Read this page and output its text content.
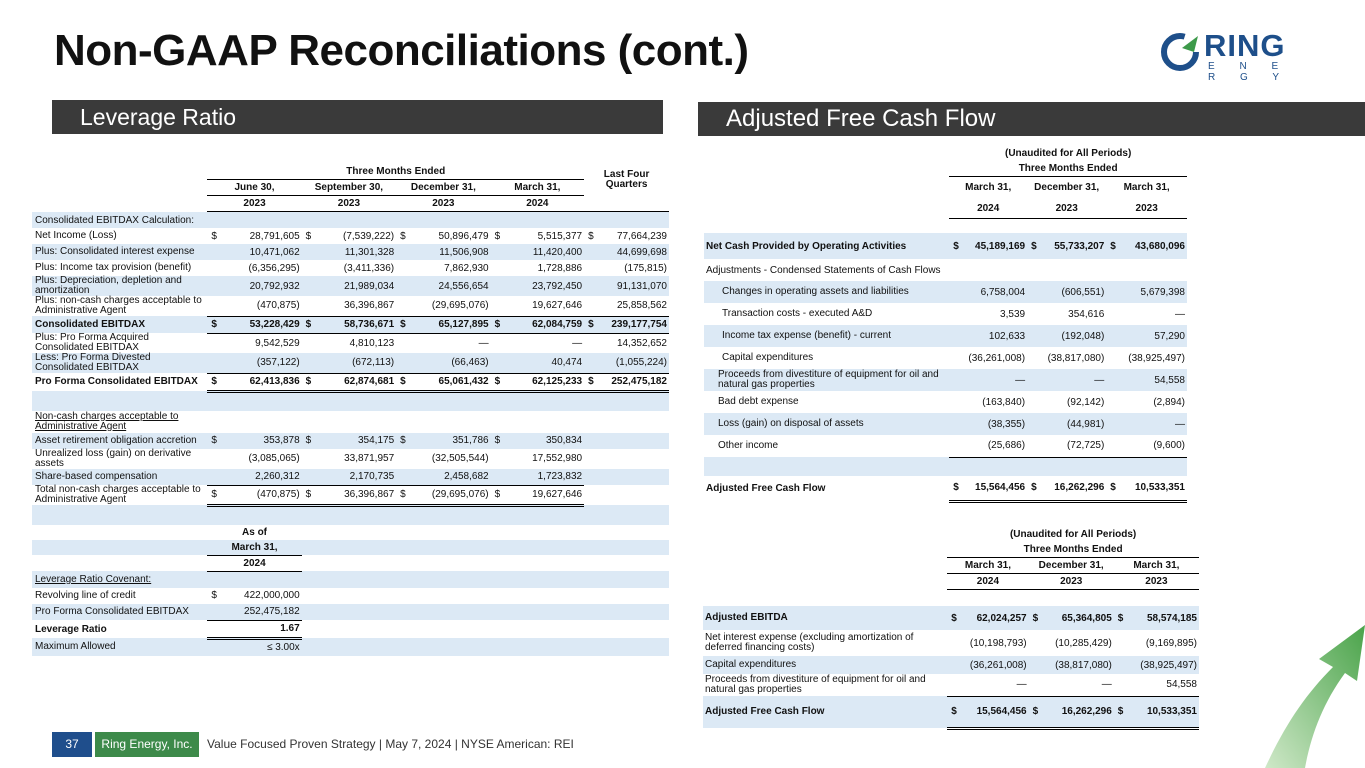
Non-GAAP Reconciliations (cont.)	RING
E N E R G Y
Leverage Ratio	Adjusted Free Cash Flow
	Three Months Ended								Last Four Quarters	
	June 30,		September 30,		December 31,		March 31,			
	2023		2023		2023		2024			
Consolidated EBITDAX Calculation:										
Net Income (Loss)	$	28,791,605	$	(7,539,222)	$	50,896,479	$	5,515,377	$	77,664,239
Plus: Consolidated interest expense		10,471,062		11,301,328		11,506,908		11,420,400		44,699,698
Plus: Income tax provision (benefit)		(6,356,295)		(3,411,336)		7,862,930		1,728,886		(175,815)
Plus: Depreciation, depletion and amortization		20,792,932		21,989,034		24,556,654		23,792,450		91,131,070
Plus: non-cash charges acceptable to Administrative Agent		(470,875)		36,396,867		(29,695,076)		19,627,646		25,858,562
Consolidated EBITDAX	$	53,228,429	$	58,736,671	$	65,127,895	$	62,084,759	$	239,177,754
Plus: Pro Forma Acquired Consolidated EBITDAX		9,542,529		4,810,123		—		—		14,352,652
Less: Pro Forma Divested Consolidated EBITDAX		(357,122)		(672,113)		(66,463)		40,474		(1,055,224)
Pro Forma Consolidated EBITDAX	$	62,413,836	$	62,874,681	$	65,061,432	$	62,125,233	$	252,475,182

Non-cash charges acceptable to Administrative Agent										
Asset retirement obligation accretion	$	353,878	$	354,175	$	351,786	$	350,834		
Unrealized loss (gain) on derivative assets		(3,085,065)		33,871,957		(32,505,544)		17,552,980		
Share-based compensation		2,260,312		2,170,735		2,458,682		1,723,832		
Total non-cash charges acceptable to Administrative Agent	$	(470,875)	$	36,396,867	$	(29,695,076)	$	19,627,646		

	As of									
	March 31,									
	2024									
Leverage Ratio Covenant:										
Revolving line of credit	$	422,000,000								
Pro Forma Consolidated EBITDAX		252,475,182								
Leverage Ratio		1.67								
Maximum Allowed		≤ 3.00x								
	(Unaudited for All Periods)					
	Three Months Ended					
	March 31,		December 31,		March 31,	
	2024		2023		2023	

Net Cash Provided by Operating Activities	$	45,189,169	$	55,733,207	$	43,680,096
Adjustments - Condensed Statements of Cash Flows						
Changes in operating assets and liabilities		6,758,004		(606,551)		5,679,398
Transaction costs - executed A&D		3,539		354,616		—
Income tax expense (benefit) - current		102,633		(192,048)		57,290
Capital expenditures		(36,261,008)		(38,817,080)		(38,925,497)
Proceeds from divestiture of equipment for oil and natural gas properties		—		—		54,558
Bad debt expense		(163,840)		(92,142)		(2,894)
Loss (gain) on disposal of assets		(38,355)		(44,981)		—
Other income		(25,686)		(72,725)		(9,600)

Adjusted Free Cash Flow	$	15,564,456	$	16,262,296	$	10,533,351
	(Unaudited for All Periods)					
	Three Months Ended					
	March 31,		December 31,		March 31,	
	2024		2023		2023	

Adjusted EBITDA	$	62,024,257	$	65,364,805	$	58,574,185
Net interest expense (excluding amortization of deferred financing costs)		(10,198,793)		(10,285,429)		(9,169,895)
Capital expenditures		(36,261,008)		(38,817,080)		(38,925,497)
Proceeds from divestiture of equipment for oil and natural gas properties		—		—		54,558
Adjusted Free Cash Flow	$	15,564,456	$	16,262,296	$	10,533,351
37	Ring Energy, Inc.	Value Focused Proven Strategy | May 7, 2024 | NYSE American: REI
